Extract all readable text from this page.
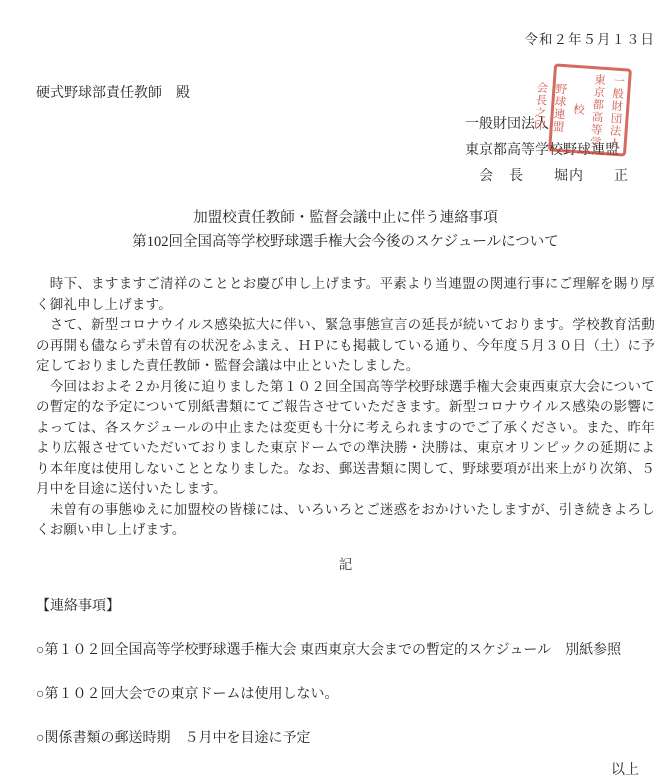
令和２年５月１３日
硬式野球部責任教師　殿
一般財団法人
東京都高等学校野球連盟
会　長　　堀内　　正
一般財団法人
東京都高等学校
野球連盟
会長之印
加盟校責任教師・監督会議中止に伴う連絡事項
第102回全国高等学校野球選手権大会今後のスケジュールについて

　時下、ますますご清祥のこととお慶び申し上げます。平素より当連盟の関連行事にご理解を賜り厚く御礼申し上げます。

　さて、新型コロナウイルス感染拡大に伴い、緊急事態宣言の延長が続いております。学校教育活動の再開も儘ならず未曽有の状況をふまえ、ＨＰにも掲載している通り、今年度５月３０日（土）に予定しておりました責任教師・監督会議は中止といたしました。

　今回はおよそ２か月後に迫りました第１０２回全国高等学校野球選手権大会東西東京大会についての暫定的な予定について別紙書類にてご報告させていただきます。新型コロナウイルス感染の影響によっては、各スケジュールの中止または変更も十分に考えられますのでご了承ください。また、昨年より広報させていただいておりました東京ドームでの準決勝・決勝は、東京オリンピックの延期により本年度は使用しないこととなりました。なお、郵送書類に関して、野球要項が出来上がり次第、５月中を目途に送付いたします。

　未曽有の事態ゆえに加盟校の皆様には、いろいろとご迷惑をおかけいたしますが、引き続きよろしくお願い申し上げます。

記
【連絡事項】

○第１０２回全国高等学校野球選手権大会 東西東京大会までの暫定的スケジュール　別紙参照

○第１０２回大会での東京ドームは使用しない。

○関係書類の郵送時期　５月中を目途に予定

以上
